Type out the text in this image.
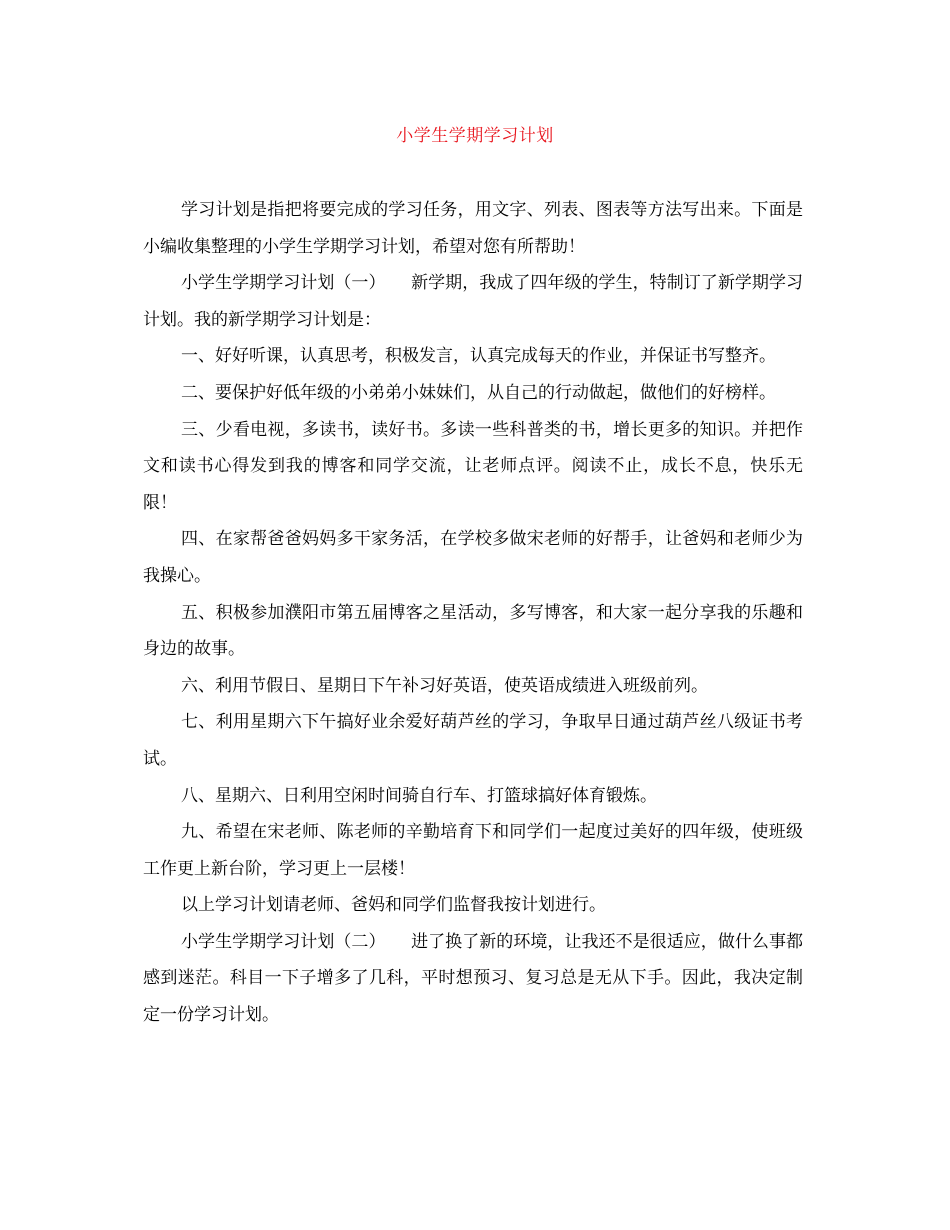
小学生学期学习计划

学习计划是指把将要完成的学习任务，用文字、列表、图表等方法写出来。下面是小编收集整理的小学生学期学习计划，希望对您有所帮助！

小学生学期学习计划（一）　　新学期，我成了四年级的学生，特制订了新学期学习计划。我的新学期学习计划是：

一、好好听课，认真思考，积极发言，认真完成每天的作业，并保证书写整齐。

二、要保护好低年级的小弟弟小妹妹们，从自己的行动做起，做他们的好榜样。

三、少看电视，多读书，读好书。多读一些科普类的书，增长更多的知识。并把作文和读书心得发到我的博客和同学交流，让老师点评。阅读不止，成长不息，快乐无限！

四、在家帮爸爸妈妈多干家务活，在学校多做宋老师的好帮手，让爸妈和老师少为我操心。

五、积极参加濮阳市第五届博客之星活动，多写博客，和大家一起分享我的乐趣和身边的故事。

六、利用节假日、星期日下午补习好英语，使英语成绩进入班级前列。

七、利用星期六下午搞好业余爱好葫芦丝的学习，争取早日通过葫芦丝八级证书考试。

八、星期六、日利用空闲时间骑自行车、打篮球搞好体育锻炼。

九、希望在宋老师、陈老师的辛勤培育下和同学们一起度过美好的四年级，使班级工作更上新台阶，学习更上一层楼！

以上学习计划请老师、爸妈和同学们监督我按计划进行。

小学生学期学习计划（二）　　进了换了新的环境，让我还不是很适应，做什么事都感到迷茫。科目一下子增多了几科，平时想预习、复习总是无从下手。因此，我决定制定一份学习计划。
